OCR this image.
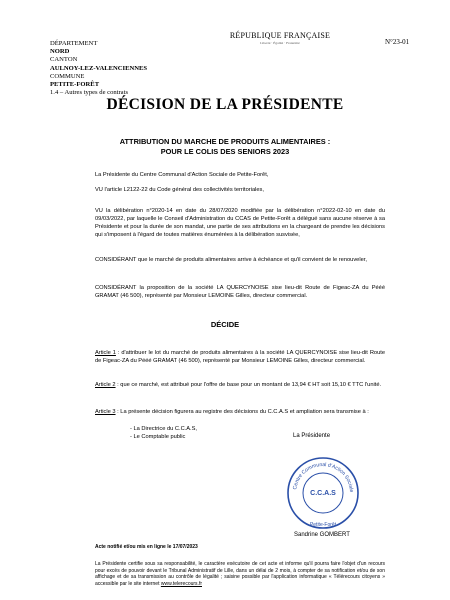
RÉPUBLIQUE FRANÇAISE
Liberté · Égalité · Fraternité	N°23-01
DÉPARTEMENT
NORD
CANTON
AULNOY-LEZ-VALENCIENNES
COMMUNE
PETITE-FORÊT
1.4 – Autres types de contrats
DÉCISION DE LA PRÉSIDENTE
ATTRIBUTION DU MARCHE DE PRODUITS ALIMENTAIRES :
POUR LE COLIS DES SENIORS 2023
La Présidente du Centre Communal d'Action Sociale de Petite-Forêt,
VU l'article L2122-22 du Code général des collectivités territoriales,
VU la délibération n°2020-14 en date du 28/07/2020 modifiée par la délibération n°2022-02-10 en date du 09/03/2022, par laquelle le Conseil d'Administration du CCAS de Petite-Forêt a délégué sans aucune réserve à sa Présidente et pour la durée de son mandat, une partie de ses attributions en la chargeant de prendre les décisions qui s'imposent à l'égard de toutes matières énumérées à la délibération susvisée,
CONSIDÉRANT que le marché de produits alimentaires arrive à échéance et qu'il convient de le renouveler,
CONSIDÉRANT la proposition de la société LA QUERCYNOISE sise lieu-dit Route de Figeac-ZA du Pééé GRAMAT (46 500), représenté par Monsieur LEMOINE Gilles, directeur commercial.
DÉCIDE
Article 1 : d'attribuer le lot du marché de produits alimentaires à la société LA QUERCYNOISE sise lieu-dit Route de Figeac-ZA du Pééé GRAMAT (46 500), représenté par Monsieur LEMOINE Gilles, directeur commercial.
Article 2 : que ce marché, est attribué pour l'offre de base pour un montant de 13,94 € HT soit 15,10 € TTC l'unité.
Article 3 : La présente décision figurera au registre des décisions du C.C.A.S et ampliation sera transmise à :
- La Directrice du C.C.A.S,
- Le Comptable public	La Présidente
Centre Communal d'Action Sociale
C.C.A.S
Petite-Forêt
Sandrine GOMBERT
Acte notifié et/ou mis en ligne le 17/07/2023
La Présidente certifie sous sa responsabilité, le caractère exécutoire de cet acte et informe qu'il pourra faire l'objet d'un recours pour excès de pouvoir devant le Tribunal Administratif de Lille, dans un délai de 2 mois, à compter de sa notification et/ou de son affichage et de sa transmission au contrôle de légalité ; saisine possible par l'application informatique « Télérecours citoyens » accessible par le site internet www.telerecours.fr
